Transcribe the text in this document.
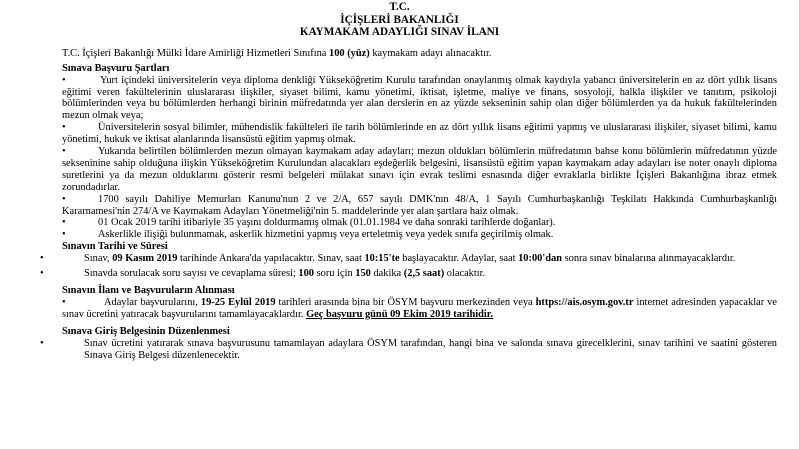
T.C.
İÇİŞLERİ BAKANLIĞI
KAYMAKAM ADAYLIĞI SINAV İLANI
T.C. İçişleri Bakanlığı Mülki İdare Amirliği Hizmetleri Sınıfına 100 (yüz) kaymakam adayı alınacaktır.
Sınava Başvuru Şartları
•	Yurt içindeki üniversitelerin veya diploma denkliği Yükseköğretim Kurulu tarafından onaylanmış olmak kaydıyla yabancı üniversitelerin en az dört yıllık lisans eğitimi veren fakültelerinin uluslararası ilişkiler, siyaset bilimi, kamu yönetimi, iktisat, işletme, maliye ve finans, sosyoloji, halkla ilişkiler ve tanıtım, psikoloji bölümlerinden veya bu bölümlerden herhangi birinin müfredatında yer alan derslerin en az yüzde sekseninin sahip olan diğer bölümlerden ya da hukuk fakültelerinden mezun olmak veya;
•	Üniversitelerin sosyal bilimler, mühendislik fakülteleri ile tarih bölümlerinde en az dört yıllık lisans eğitimi yapmış ve uluslararası ilişkiler, siyaset bilimi, kamu yönetimi, hukuk ve iktisat alanlarında lisansüstü eğitim yapmış olmak.
•	Yukarıda belirtilen bölümlerden mezun olmayan kaymakam aday adayları; mezun oldukları bölümlerin müfredatının bahse konu bölümlerin müfredatının yüzde sekseninine sahip olduğuna ilişkin Yükseköğretim Kurulundan alacakları eşdeğerlik belgesini, lisansüstü eğitim yapan kaymakam aday adayları ise noter onaylı diploma suretlerini ya da mezun olduklarını gösterir resmi belgeleri mülakat sınavı için evrak teslimi esnasında diğer evraklarla birlikte İçişleri Bakanlığına ibraz etmek zorundadırlar.
•	1700 sayılı Dahiliye Memurları Kanunu'nun 2 ve 2/A, 657 sayılı DMK'nın 48/A, 1 Sayılı Cumhurbaşkanlığı Teşkilatı Hakkında Cumhurbaşkanlığı Kararnamesi'nin 274/A ve Kaymakam Adayları Yönetmeliği'nin 5. maddelerinde yer alan şartlara haiz olmak.
•	01 Ocak 2019 tarihi itibariyle 35 yaşını doldurmamış olmak (01.01.1984 ve daha sonraki tarihlerde doğanlar).
•	Askerlikle ilişiği bulunmamak, askerlik hizmetini yapmış veya erteletmiş veya yedek sınıfa geçirilmiş olmak.
Sınavın Tarihi ve Süresi
•	Sınav, 09 Kasım 2019 tarihinde Ankara'da yapılacaktır. Sınav, saat 10:15'te başlayacaktır. Adaylar, saat 10:00'dan sonra sınav binalarına alınmayacaklardır.
•	Sınavda sorulacak soru sayısı ve cevaplama süresi; 100 soru için 150 dakika (2,5 saat) olacaktır.
Sınavın İlanı ve Başvuruların Alınması
•	Adaylar başvurularını, 19-25 Eylül 2019 tarihleri arasında bina bir ÖSYM başvuru merkezinden veya https://ais.osym.gov.tr internet adresinden yapacaklar ve sınav ücretini yatıracak başvurularını tamamlayacaklardır. Geç başvuru günü 09 Ekim 2019 tarihidir.
Sınava Giriş Belgesinin Düzenlenmesi
•	Sınav ücretini yatırarak sınava başvurusunu tamamlayan adaylara ÖSYM tarafından, hangi bina ve salonda sınava girecelklerini, sınav tarihini ve saatini gösteren Sınava Giriş Belgesi düzenlenecektir.
